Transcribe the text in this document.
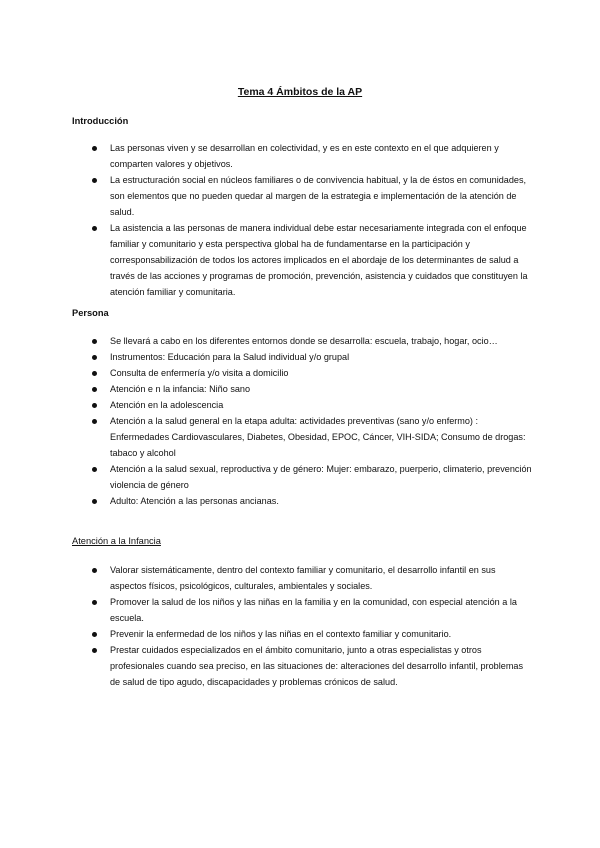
Tema 4 Ámbitos de la AP
Introducción
Las personas viven y se desarrollan en colectividad, y es en este contexto en el que adquieren y comparten valores y objetivos.
La estructuración social en núcleos familiares o de convivencia habitual, y la de éstos en comunidades, son elementos que no pueden quedar al margen de la estrategia e implementación de la atención de salud.
La asistencia a las personas de manera individual debe estar necesariamente integrada con el enfoque familiar y comunitario y esta perspectiva global ha de fundamentarse en la participación y corresponsabilización de todos los actores implicados en el abordaje de los determinantes de salud a través de las acciones y programas de promoción, prevención, asistencia y cuidados que constituyen la atención familiar y comunitaria.
Persona
Se llevará a cabo en los diferentes entornos donde se desarrolla: escuela, trabajo, hogar, ocio…
Instrumentos: Educación para la Salud individual y/o grupal
Consulta de enfermería y/o visita a domicilio
Atención e n la infancia: Niño sano
Atención en la adolescencia
Atención a la salud general en la etapa adulta: actividades preventivas (sano y/o enfermo) : Enfermedades Cardiovasculares, Diabetes, Obesidad, EPOC, Cáncer, VIH-SIDA; Consumo de drogas: tabaco y alcohol
Atención a la salud sexual, reproductiva y de género: Mujer: embarazo, puerperio, climaterio, prevención violencia de género
Adulto: Atención a las personas ancianas.
Atención a la Infancia
Valorar sistemáticamente, dentro del contexto familiar y comunitario, el desarrollo infantil en sus aspectos físicos, psicológicos, culturales, ambientales y sociales.
Promover la salud de los niños y las niñas en la familia y en la comunidad, con especial atención a la escuela.
Prevenir la enfermedad de los niños y las niñas en el contexto familiar y comunitario.
Prestar cuidados especializados en el ámbito comunitario, junto a otras especialistas y otros profesionales cuando sea preciso, en las situaciones de: alteraciones del desarrollo infantil, problemas de salud de tipo agudo, discapacidades y problemas crónicos de salud.
